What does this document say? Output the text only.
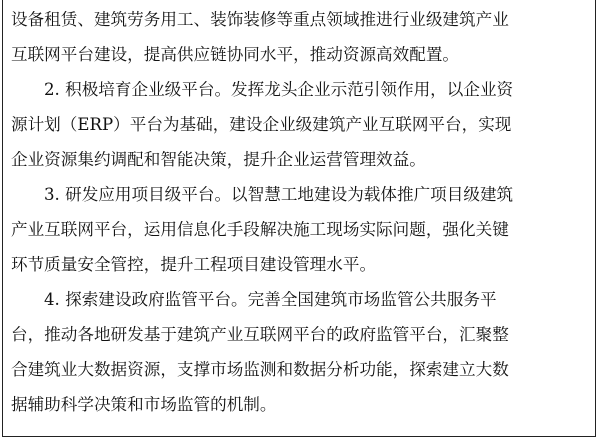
设备租赁、建筑劳务用工、装饰装修等重点领域推进行业级建筑产业
互联网平台建设，提高供应链协同水平，推动资源高效配置。
2. 积极培育企业级平台。发挥龙头企业示范引领作用，以企业资
源计划（ERP）平台为基础，建设企业级建筑产业互联网平台，实现
企业资源集约调配和智能决策，提升企业运营管理效益。
3. 研发应用项目级平台。以智慧工地建设为载体推广项目级建筑
产业互联网平台，运用信息化手段解决施工现场实际问题，强化关键
环节质量安全管控，提升工程项目建设管理水平。
4. 探索建设政府监管平台。完善全国建筑市场监管公共服务平
台，推动各地研发基于建筑产业互联网平台的政府监管平台，汇聚整
合建筑业大数据资源，支撑市场监测和数据分析功能，探索建立大数
据辅助科学决策和市场监管的机制。
